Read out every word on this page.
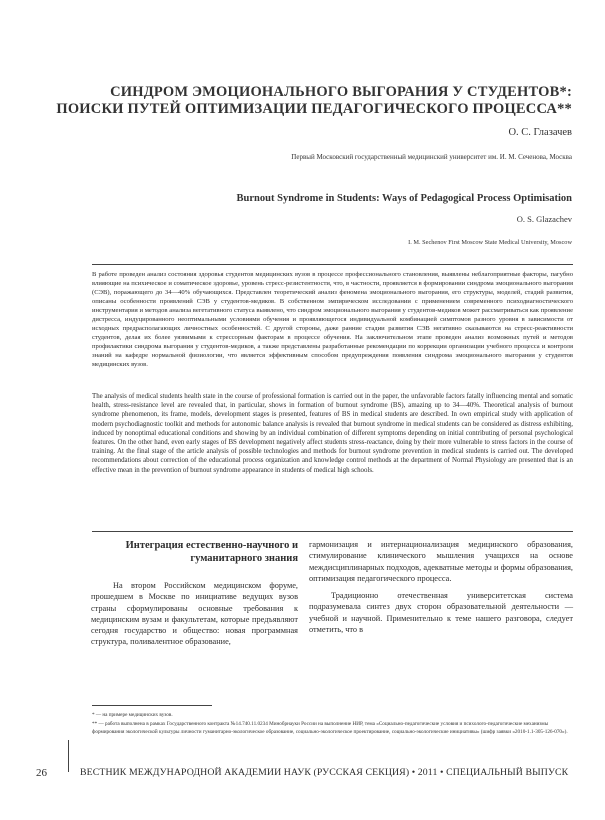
СИНДРОМ ЭМОЦИОНАЛЬНОГО ВЫГОРАНИЯ У СТУДЕНТОВ*:
ПОИСКИ ПУТЕЙ ОПТИМИЗАЦИИ ПЕДАГОГИЧЕСКОГО ПРОЦЕССА**
О. С. Глазачев
Первый Московский государственный медицинский университет им. И. М. Сеченова, Москва
Burnout Syndrome in Students: Ways of Pedagogical Process Optimisation
O. S. Glazachev
I. M. Sechenov First Moscow State Medical University, Moscow
В работе проведен анализ состояния здоровья студентов медицинских вузов в процессе профессионального становления, выявлены неблагоприятные факторы, пагубно влияющие на психическое и соматическое здоровье, уровень стресс-резистентности, что, в частности, проявляется в формировании синдрома эмоционального выгорания (СЭВ), поражающего до 34—40% обучающихся. Представлен теоретический анализ феномена эмоционального выгорания, его структуры, моделей, стадий развития, описаны особенности проявлений СЭВ у студентов-медиков. В собственном эмпирическом исследовании с применением современного психодиагностического инструментария и методов анализа вегетативного статуса выявлено, что синдром эмоционального выгорания у студентов-медиков может рассматриваться как проявление дистресса, индуцированного неоптимальными условиями обучения и проявляющегося индивидуальной комбинацией симптомов разного уровня в зависимости от исходных предрасполагающих личностных особенностей. С другой стороны, даже ранние стадии развития СЭВ негативно сказываются на стресс-реактивности студентов, делая их более уязвимыми к стрессорным факторам в процессе обучения. На заключительном этапе проведен анализ возможных путей и методов профилактики синдрома выгорания у студентов-медиков, а также представлены разработанные рекомендации по коррекции организации учебного процесса и контроля знаний на кафедре нормальной физиологии, что является эффективным способом предупреждения появления синдрома эмоционального выгорания у студентов медицинских вузов.
The analysis of medical students health state in the course of professional formation is carried out in the paper, the unfavorable factors fatally influencing mental and somatic health, stress-resistance level are revealed that, in particular, shows in formation of burnout syndrome (BS), amazing up to 34—40%. Theoretical analysis of burnout syndrome phenomenon, its frame, models, development stages is presented, features of BS in medical students are described. In own empirical study with application of modern psychodiagnostic toolkit and methods for autonomic balance analysis is revealed that burnout syndrome in medical students can be considered as distress exhibiting, induced by nonoptimal educational conditions and showing by an individual combination of different symptoms depending on initial contributing of personal psychological features. On the other hand, even early stages of BS development negatively affect students stress-reactance, doing by their more vulnerable to stress factors in the course of training. At the final stage of the article analysis of possible technologies and methods for burnout syndrome prevention in medical students is carried out. The developed recommendations about correction of the educational process organization and knowledge control methods at the department of Normal Physiology are presented that is an effective mean in the prevention of burnout syndrome appearance in students of medical high schools.
Интеграция естественно-научного и гуманитарного знания

На втором Российском медицинском форуме, прошедшем в Москве по инициативе ведущих вузов страны сформулированы основные требования к медицинским вузам и факультетам, которые предъявляют сегодня государство и общество: новая программная структура, поливалентное образование,

гармонизация и интернационализация медицинского образования, стимулирование клинического мышления учащихся на основе междисциплинарных подходов, адекватные методы и формы образования, оптимизация педагогического процесса.

Традиционно отечественная университетская система подразумевала синтез двух сторон образовательной деятельности — учебной и научной. Применительно к теме нашего разговора, следует отметить, что в

* — на примере медицинских вузов.

** — работа выполнена в рамках Государственного контракта №14.740.11.0234 Минобрнауки России на выполнение НИР, тема «Социально-педагогические условия и психолого-педагогические механизмы формирования экологической культуры личности гуманитарно-экологическое образование, социально-экологическое проектирование, социально-экологические инициативы» (шифр заявки «2010-1.1-305-126-070»).

26	ВЕСТНИК МЕЖДУНАРОДНОЙ АКАДЕМИИ НАУК (РУССКАЯ СЕКЦИЯ) • 2011 • СПЕЦИАЛЬНЫЙ ВЫПУСК
